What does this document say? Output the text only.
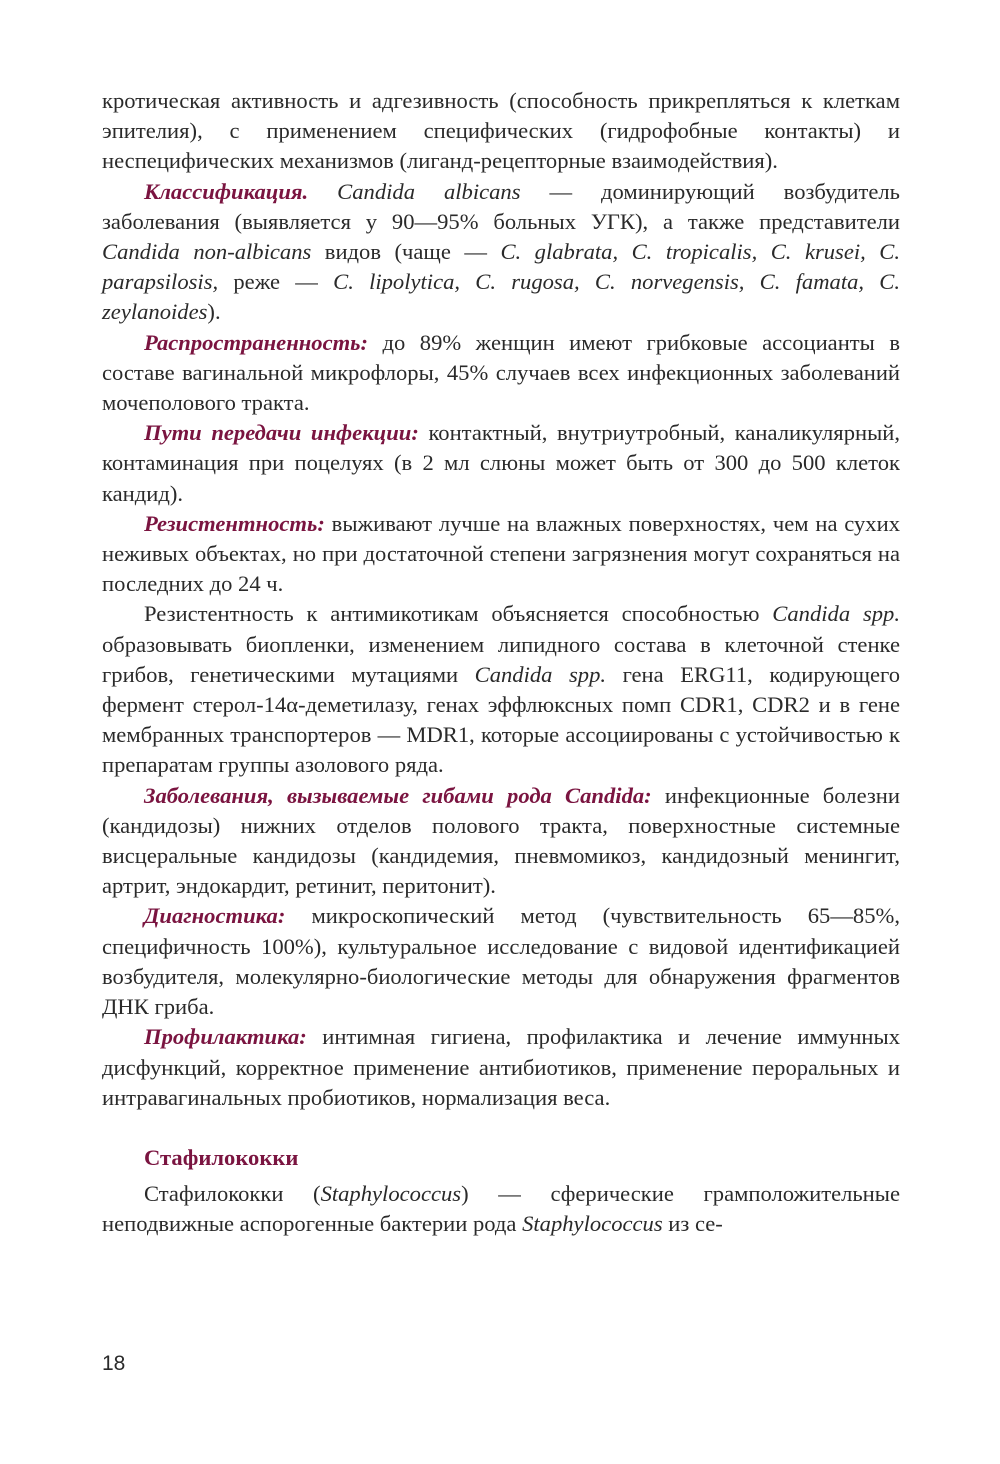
кротическая активность и адгезивность (способность прикрепляться к клеткам эпителия), с применением специфических (гидрофобные контакты) и неспецифических механизмов (лиганд-рецепторные взаимодействия).

Классификация. Candida albicans — доминирующий возбудитель заболевания (выявляется у 90—95% больных УГК), а также представители Candida non-albicans видов (чаще — C. glabrata, C. tropicalis, C. krusei, C. parapsilosis, реже — C. lipolytica, C. rugosa, C. norvegensis, C. famata, C. zeylanoides).

Распространенность: до 89% женщин имеют грибковые ассоцианты в составе вагинальной микрофлоры, 45% случаев всех инфекционных заболеваний мочеполового тракта.

Пути передачи инфекции: контактный, внутриутробный, каналикулярный, контаминация при поцелуях (в 2 мл слюны может быть от 300 до 500 клеток кандид).

Резистентность: выживают лучше на влажных поверхностях, чем на сухих неживых объектах, но при достаточной степени загрязнения могут сохраняться на последних до 24 ч.

Резистентность к антимикотикам объясняется способностью Candida spp. образовывать биопленки, изменением липидного состава в клеточной стенке грибов, генетическими мутациями Candida spp. гена ERG11, кодирующего фермент стерол-14α-деметилазу, генах эффлюксных помп CDR1, CDR2 и в гене мембранных транспортеров — MDR1, которые ассоциированы с устойчивостью к препаратам группы азолового ряда.

Заболевания, вызываемые гибами рода Candida: инфекционные болезни (кандидозы) нижних отделов полового тракта, поверхностные системные висцеральные кандидозы (кандидемия, пневмомикоз, кандидозный менингит, артрит, эндокардит, ретинит, перитонит).

Диагностика: микроскопический метод (чувствительность 65—85%, специфичность 100%), культуральное исследование с видовой идентификацией возбудителя, молекулярно-биологические методы для обнаружения фрагментов ДНК гриба.

Профилактика: интимная гигиена, профилактика и лечение иммунных дисфункций, корректное применение антибиотиков, применение пероральных и интравагинальных пробиотиков, нормализация веса.

Стафилококки

Стафилококки (Staphylococcus) — сферические грамположительные неподвижные аспорогенные бактерии рода Staphylococcus из се-

18
